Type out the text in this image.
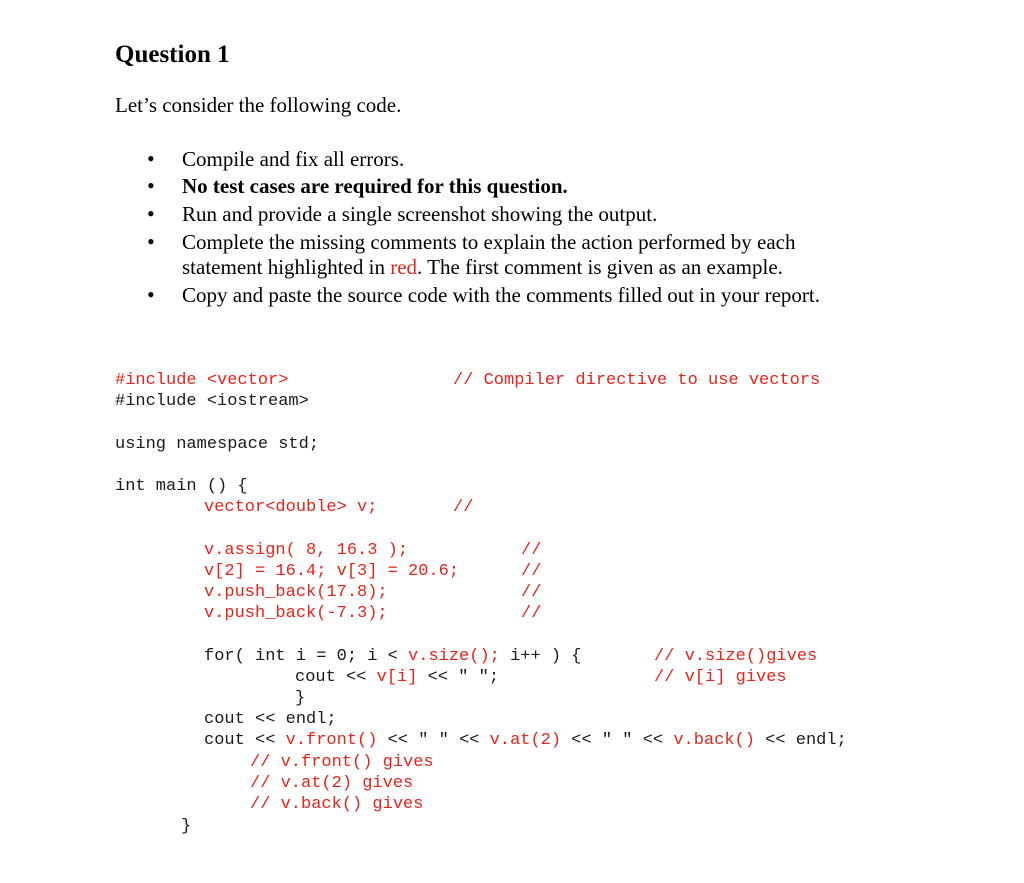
Question 1
Let’s consider the following code.
• Compile and fix all errors.
• No test cases are required for this question.
• Run and provide a single screenshot showing the output.
• Complete the missing comments to explain the action performed by each
statement highlighted in red. The first comment is given as an example.
• Copy and paste the source code with the comments filled out in your report.
#include <vector>	// Compiler directive to use vectors
#include <iostream>
using namespace std;
int main () {
vector<double> v;	//
v.assign( 8, 16.3 );	//
v[2] = 16.4; v[3] = 20.6;	//
v.push_back(17.8);	//
v.push_back(-7.3);	//
for( int i = 0; i < v.size(); i++ ) {	// v.size()gives
cout << v[i] << " ";	// v[i] gives
}
cout << endl;
cout << v.front() << " " << v.at(2) << " " << v.back() << endl;
// v.front() gives
// v.at(2) gives
// v.back() gives
}
